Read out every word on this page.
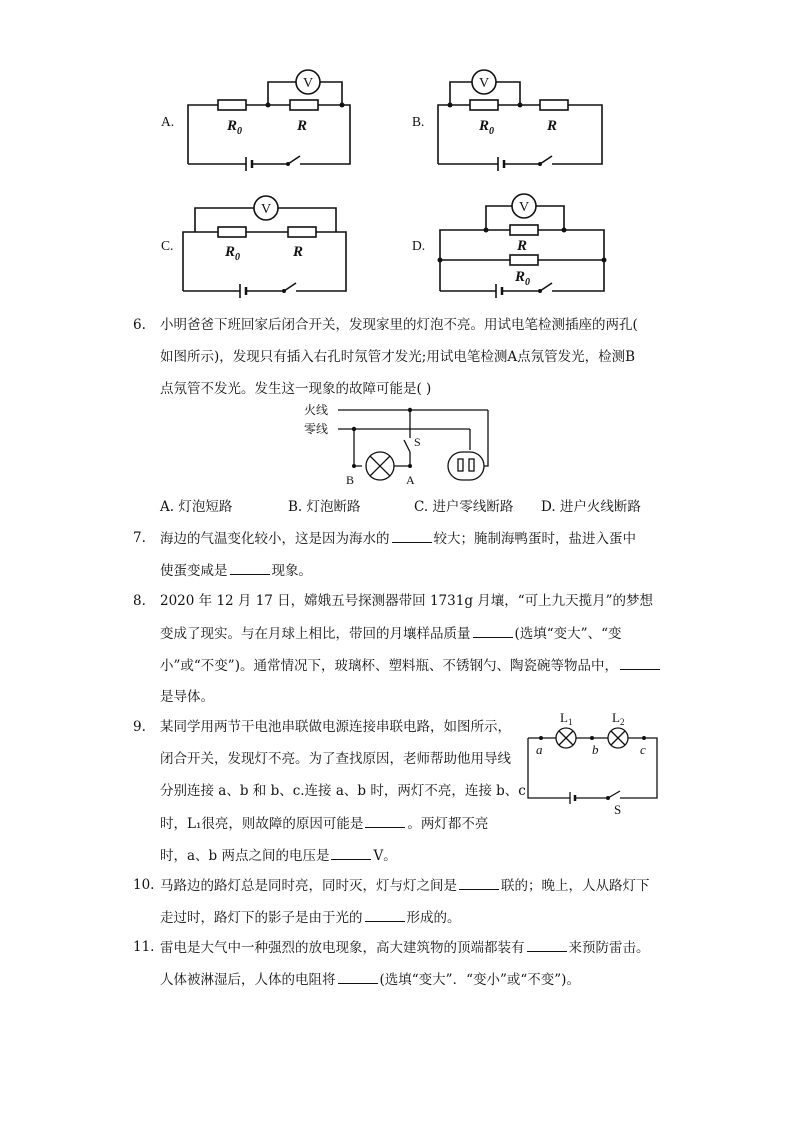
A.	B.
C.	D.
V	V
V	V
$R_0$	R	$R_0$	R
$R_0$	R	R
$R_0$
6. 小明爸爸下班回家后闭合开关，发现家里的灯泡不亮。用试电笔检测插座的两孔(
如图所示)，发现只有插入右孔时氖管才发光;用试电笔检测A点氖管发光，检测B
点氖管不发光。发生这一现象的故障可能是( )
火线
零线
S
B	A
A. 灯泡短路	B. 灯泡断路	C. 进户零线断路 D. 进户火线断路
7. 海边的气温变化较小，这是因为海水的	较大；腌制海鸭蛋时，盐进入蛋中
使蛋变咸是	现象。
8. 2020 年 12 月 17 日，嫦娥五号探测器带回 1731g 月壤，“可上九天揽月”的梦想
变成了现实。与在月球上相比，带回的月壤样品质量	(选填“变大”、“变
小”或“不变”)。通常情况下，玻璃杯、塑料瓶、不锈钢勺、陶瓷碗等物品中，
是导体。
9. 某同学用两节干电池串联做电源连接串联电路，如图所示，
闭合开关，发现灯不亮。为了查找原因，老师帮助他用导线
分别连接 a、b 和 b、c.连接 a、b 时，两灯不亮，连接 b、c
时，L₁很亮，则故障的原因可能是	。两灯都不亮
时，a、b 两点之间的电压是	V。
$L_1$	$L_2$
a	b	c
S
10. 马路边的路灯总是同时亮，同时灭，灯与灯之间是	联的；晚上，人从路灯下
走过时，路灯下的影子是由于光的	形成的。
11. 雷电是大气中一种强烈的放电现象，高大建筑物的顶端都装有	来预防雷击。
人体被淋湿后，人体的电阻将	(选填“变大”．“变小”或“不变”)。
